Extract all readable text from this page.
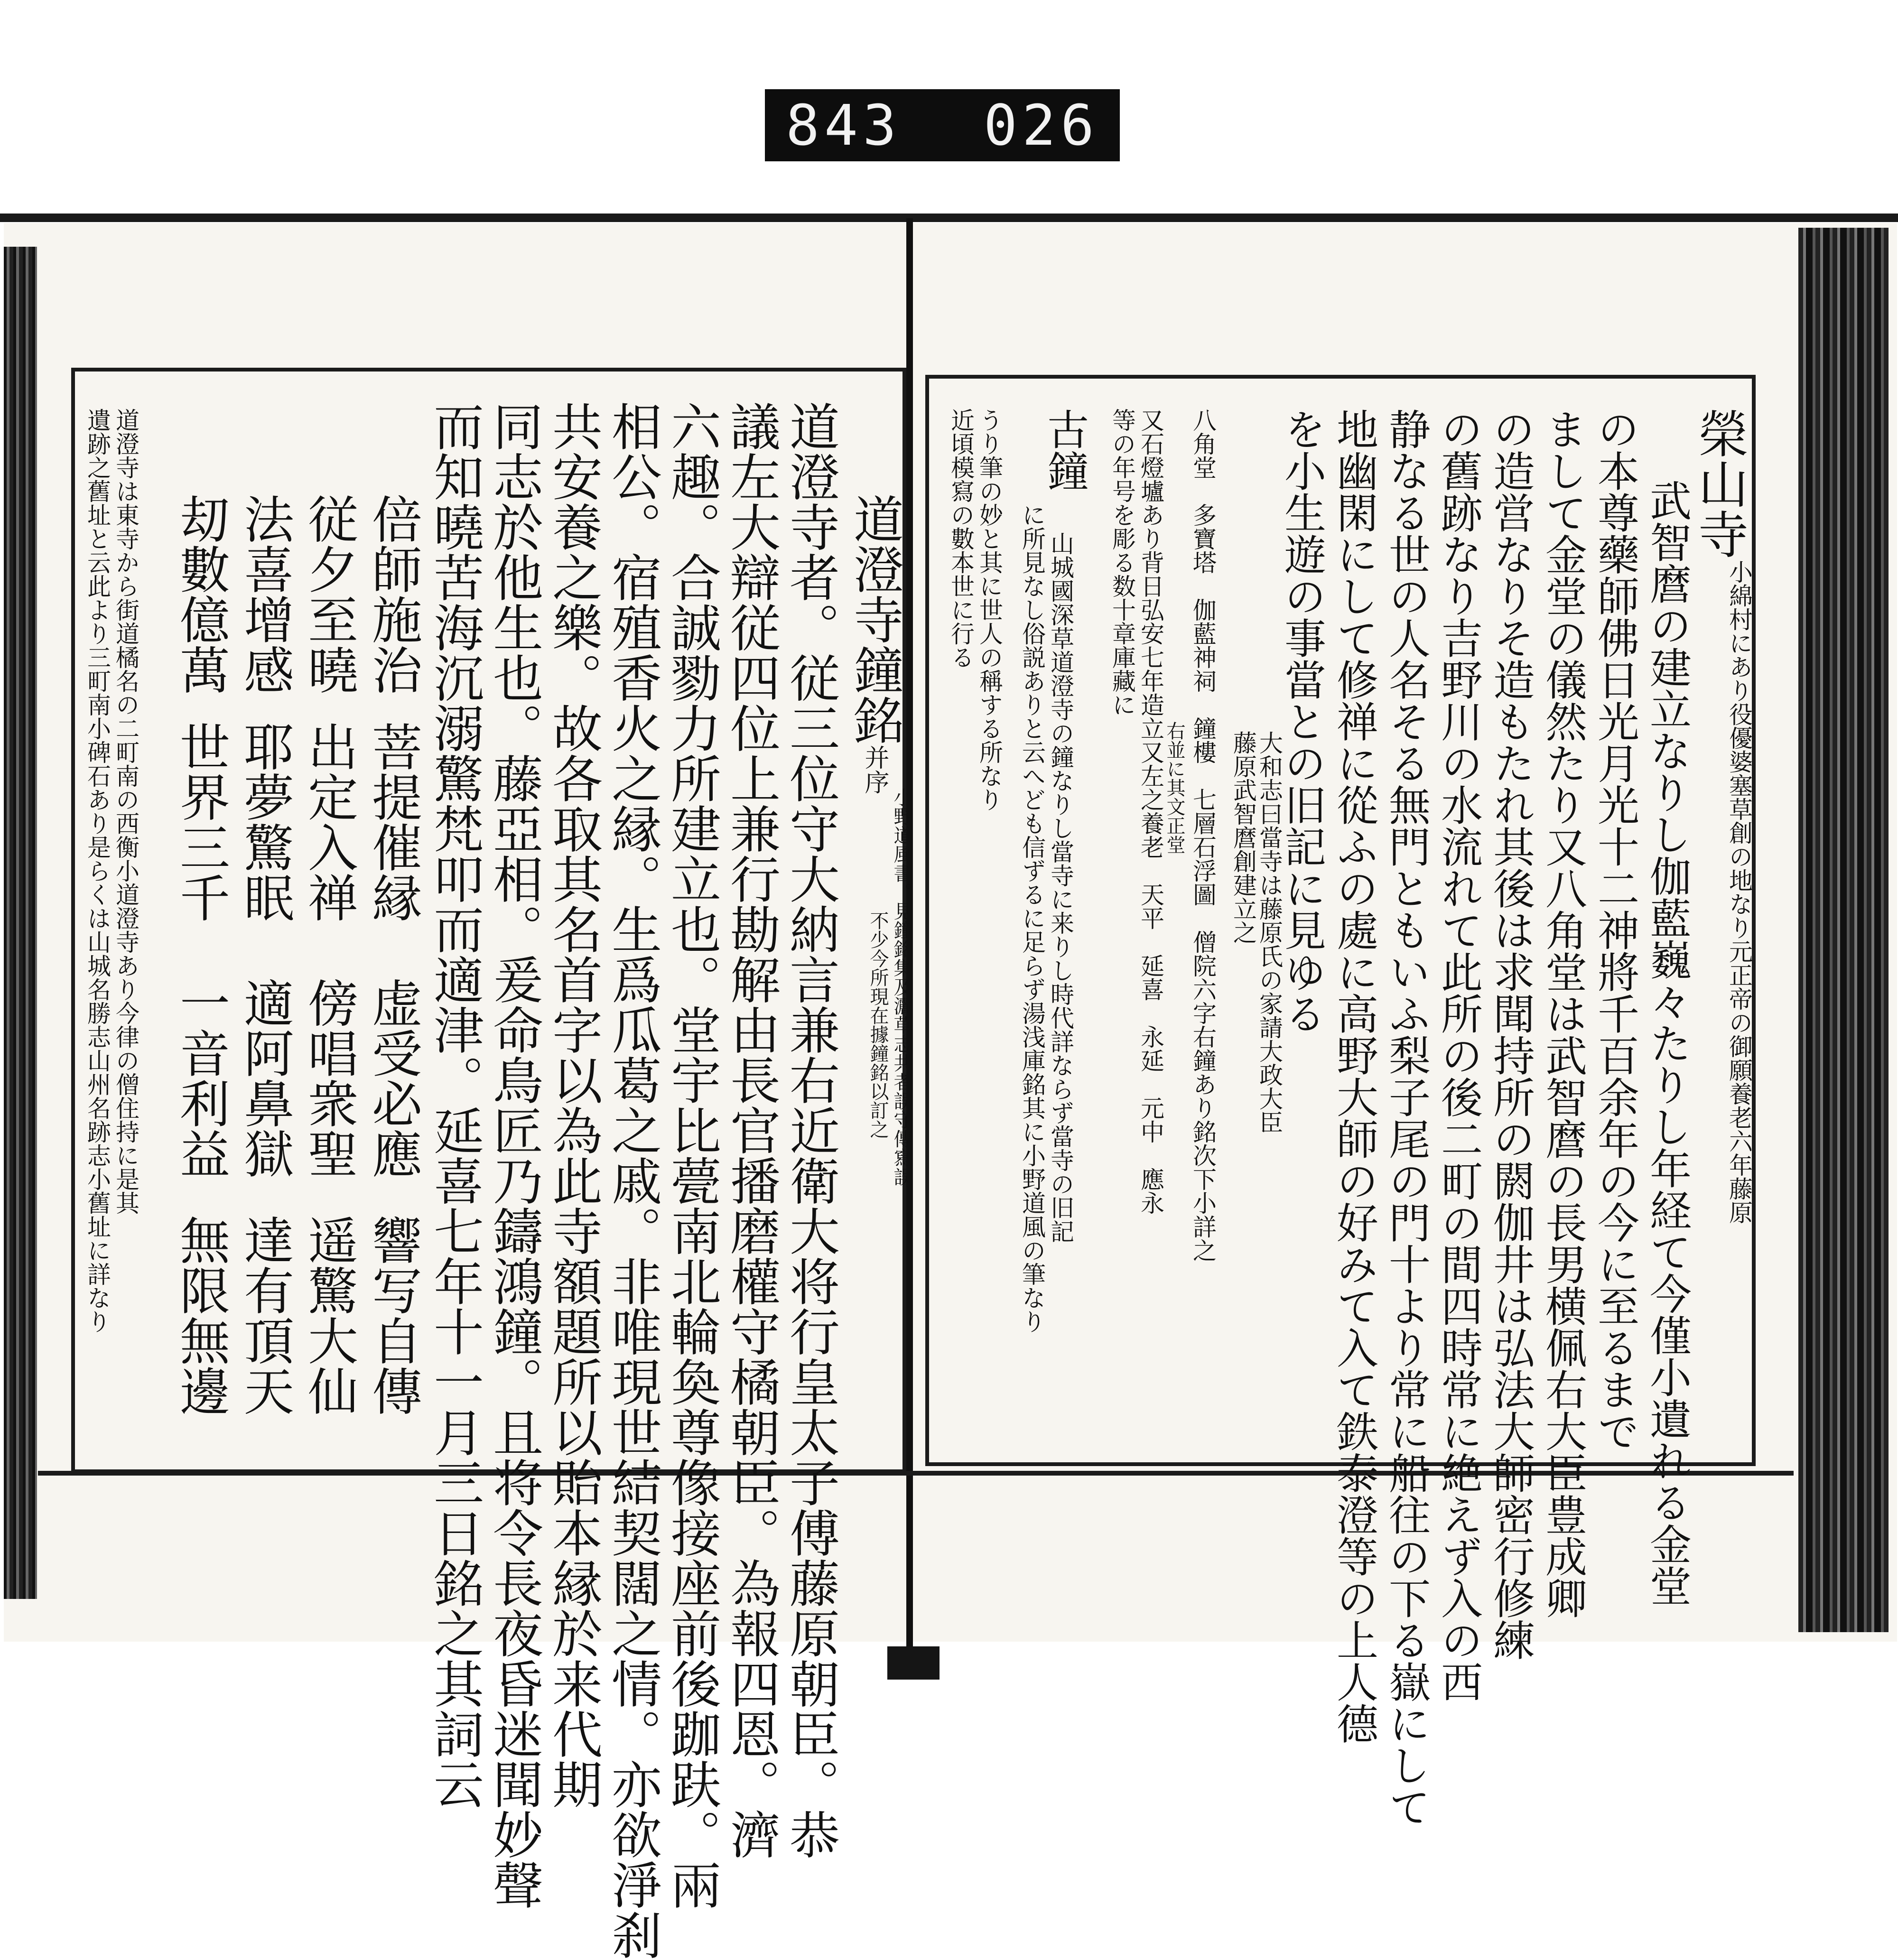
843 026
道澄寺鐘銘并序
小野道風書。見鐘銘集及灑草志共者誤守傳寫誤
不少今所現在據鐘銘以訂之
道澄寺者。従三位守大納言兼右近衛大将行皇太子傅藤原朝臣。恭
議左大辯従四位上兼行勘解由長官播磨權守橘朝臣。為報四恩。濟
六趣。合誠勠力所建立也。堂宇比甍南北輪奐尊像接座前後跏趺。兩
相公。宿殖香火之縁。生爲瓜葛之戚。非唯現世結契闊之情。亦欲淨刹
共安養之樂。故各取其名首字以為此寺額題所以貽本縁於来代期
同志於他生也。藤亞相。爰命鳥匠乃鑄鴻鐘。且将令長夜昏迷聞妙聲
而知曉苦海沉溺驚梵叩而適津。延喜七年十一月三日銘之其詞云
倍師施治
菩提催縁
虚受必應
響写自傳
従夕至曉
出定入禅
傍唱衆聖
遥驚大仙
法喜增感
耶夢驚眠
適阿鼻獄
達有頂天
刧數億萬
世界三千
一音利益
無限無邊
道澄寺は東寺から街道橘名の二町南の西衡小道澄寺あり今律の僧住持に是其
遺跡之舊址と云此より三町南小碑石あり是らくは山城名勝志山州名跡志小舊址に詳なり	榮山寺
小綿村にあり役優婆塞草創の地なり元正帝の御願養老六年藤原
武智麿の建立なりし伽藍巍々たりし年経て今僅小遺れる金堂
の本尊藥師佛日光月光十二神將千百余年の今に至るまで
まして金堂の儀然たり又八角堂は武智麿の長男横佩右大臣豊成卿
の造営なりそ造もたれ其後は求聞持所の閼伽井は弘法大師密行修練
の舊跡なり吉野川の水流れて此所の後二町の間四時常に絶えず入の西
静なる世の人名そる無門ともいふ梨子尾の門十より常に船往の下る嶽にして
地幽閑にして修禅に從ふの處に高野大師の好みて入て鉄泰澄等の上人德
を小生遊の事當との旧記に見ゆる
大和志曰當寺は藤原氏の家請大政大臣
藤原武智麿創建立之
八角堂　多寶塔　伽藍神祠　鐘樓　七層石浮圖　僧院六字右鐘あり銘次下小詳之
右並に其文正堂
又石燈壚あり背日弘安七年造立又左之養老　天平　延喜　永延　元中　應永
等の年号を彫る数十章庫藏に
古鐘
山城國深草道澄寺の鐘なりし當寺に来りし時代詳ならず當寺の旧記
に所見なし俗説ありと云へども信ずるに足らず湯浅庫銘其に小野道風の筆なり
うり筆の妙と其に世人の稱する所なり
近頃模寫の數本世に行る
